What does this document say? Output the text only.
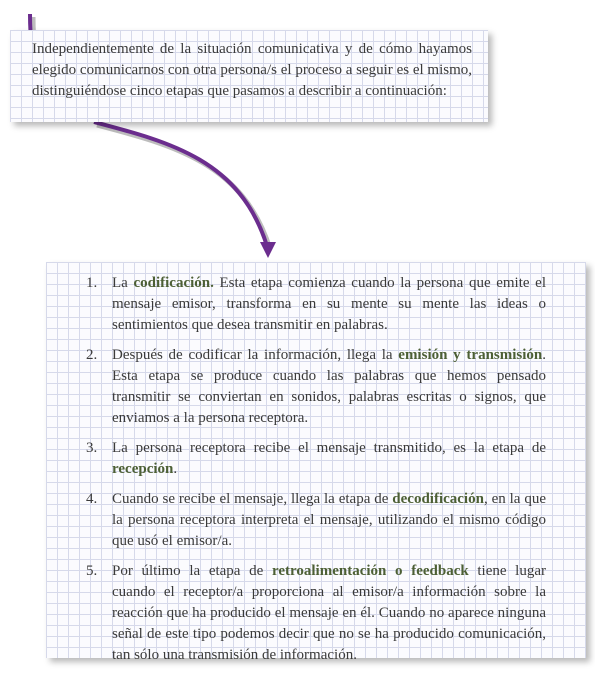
Independientemente de la situación comunicativa y de cómo hayamos elegido comunicarnos con otra persona/s el proceso a seguir es el mismo, distinguiéndose cinco etapas que pasamos a describir a continuación:

1. La codificación. Esta etapa comienza cuando la persona que emite el mensaje emisor, transforma en su mente su mente las ideas o sentimientos que desea transmitir en palabras.
2. Después de codificar la información, llega la emisión y transmisión. Esta etapa se produce cuando las palabras que hemos pensado transmitir se conviertan en sonidos, palabras escritas o signos, que enviamos a la persona receptora.
3. La persona receptora recibe el mensaje transmitido, es la etapa de recepción.
4. Cuando se recibe el mensaje, llega la etapa de decodificación, en la que la persona receptora interpreta el mensaje, utilizando el mismo código que usó el emisor/a.
5. Por último la etapa de retroalimentación o feedback tiene lugar cuando el receptor/a proporciona al emisor/a información sobre la reacción que ha producido el mensaje en él. Cuando no aparece ninguna señal de este tipo podemos decir que no se ha producido comunicación, tan sólo una transmisión de información.
